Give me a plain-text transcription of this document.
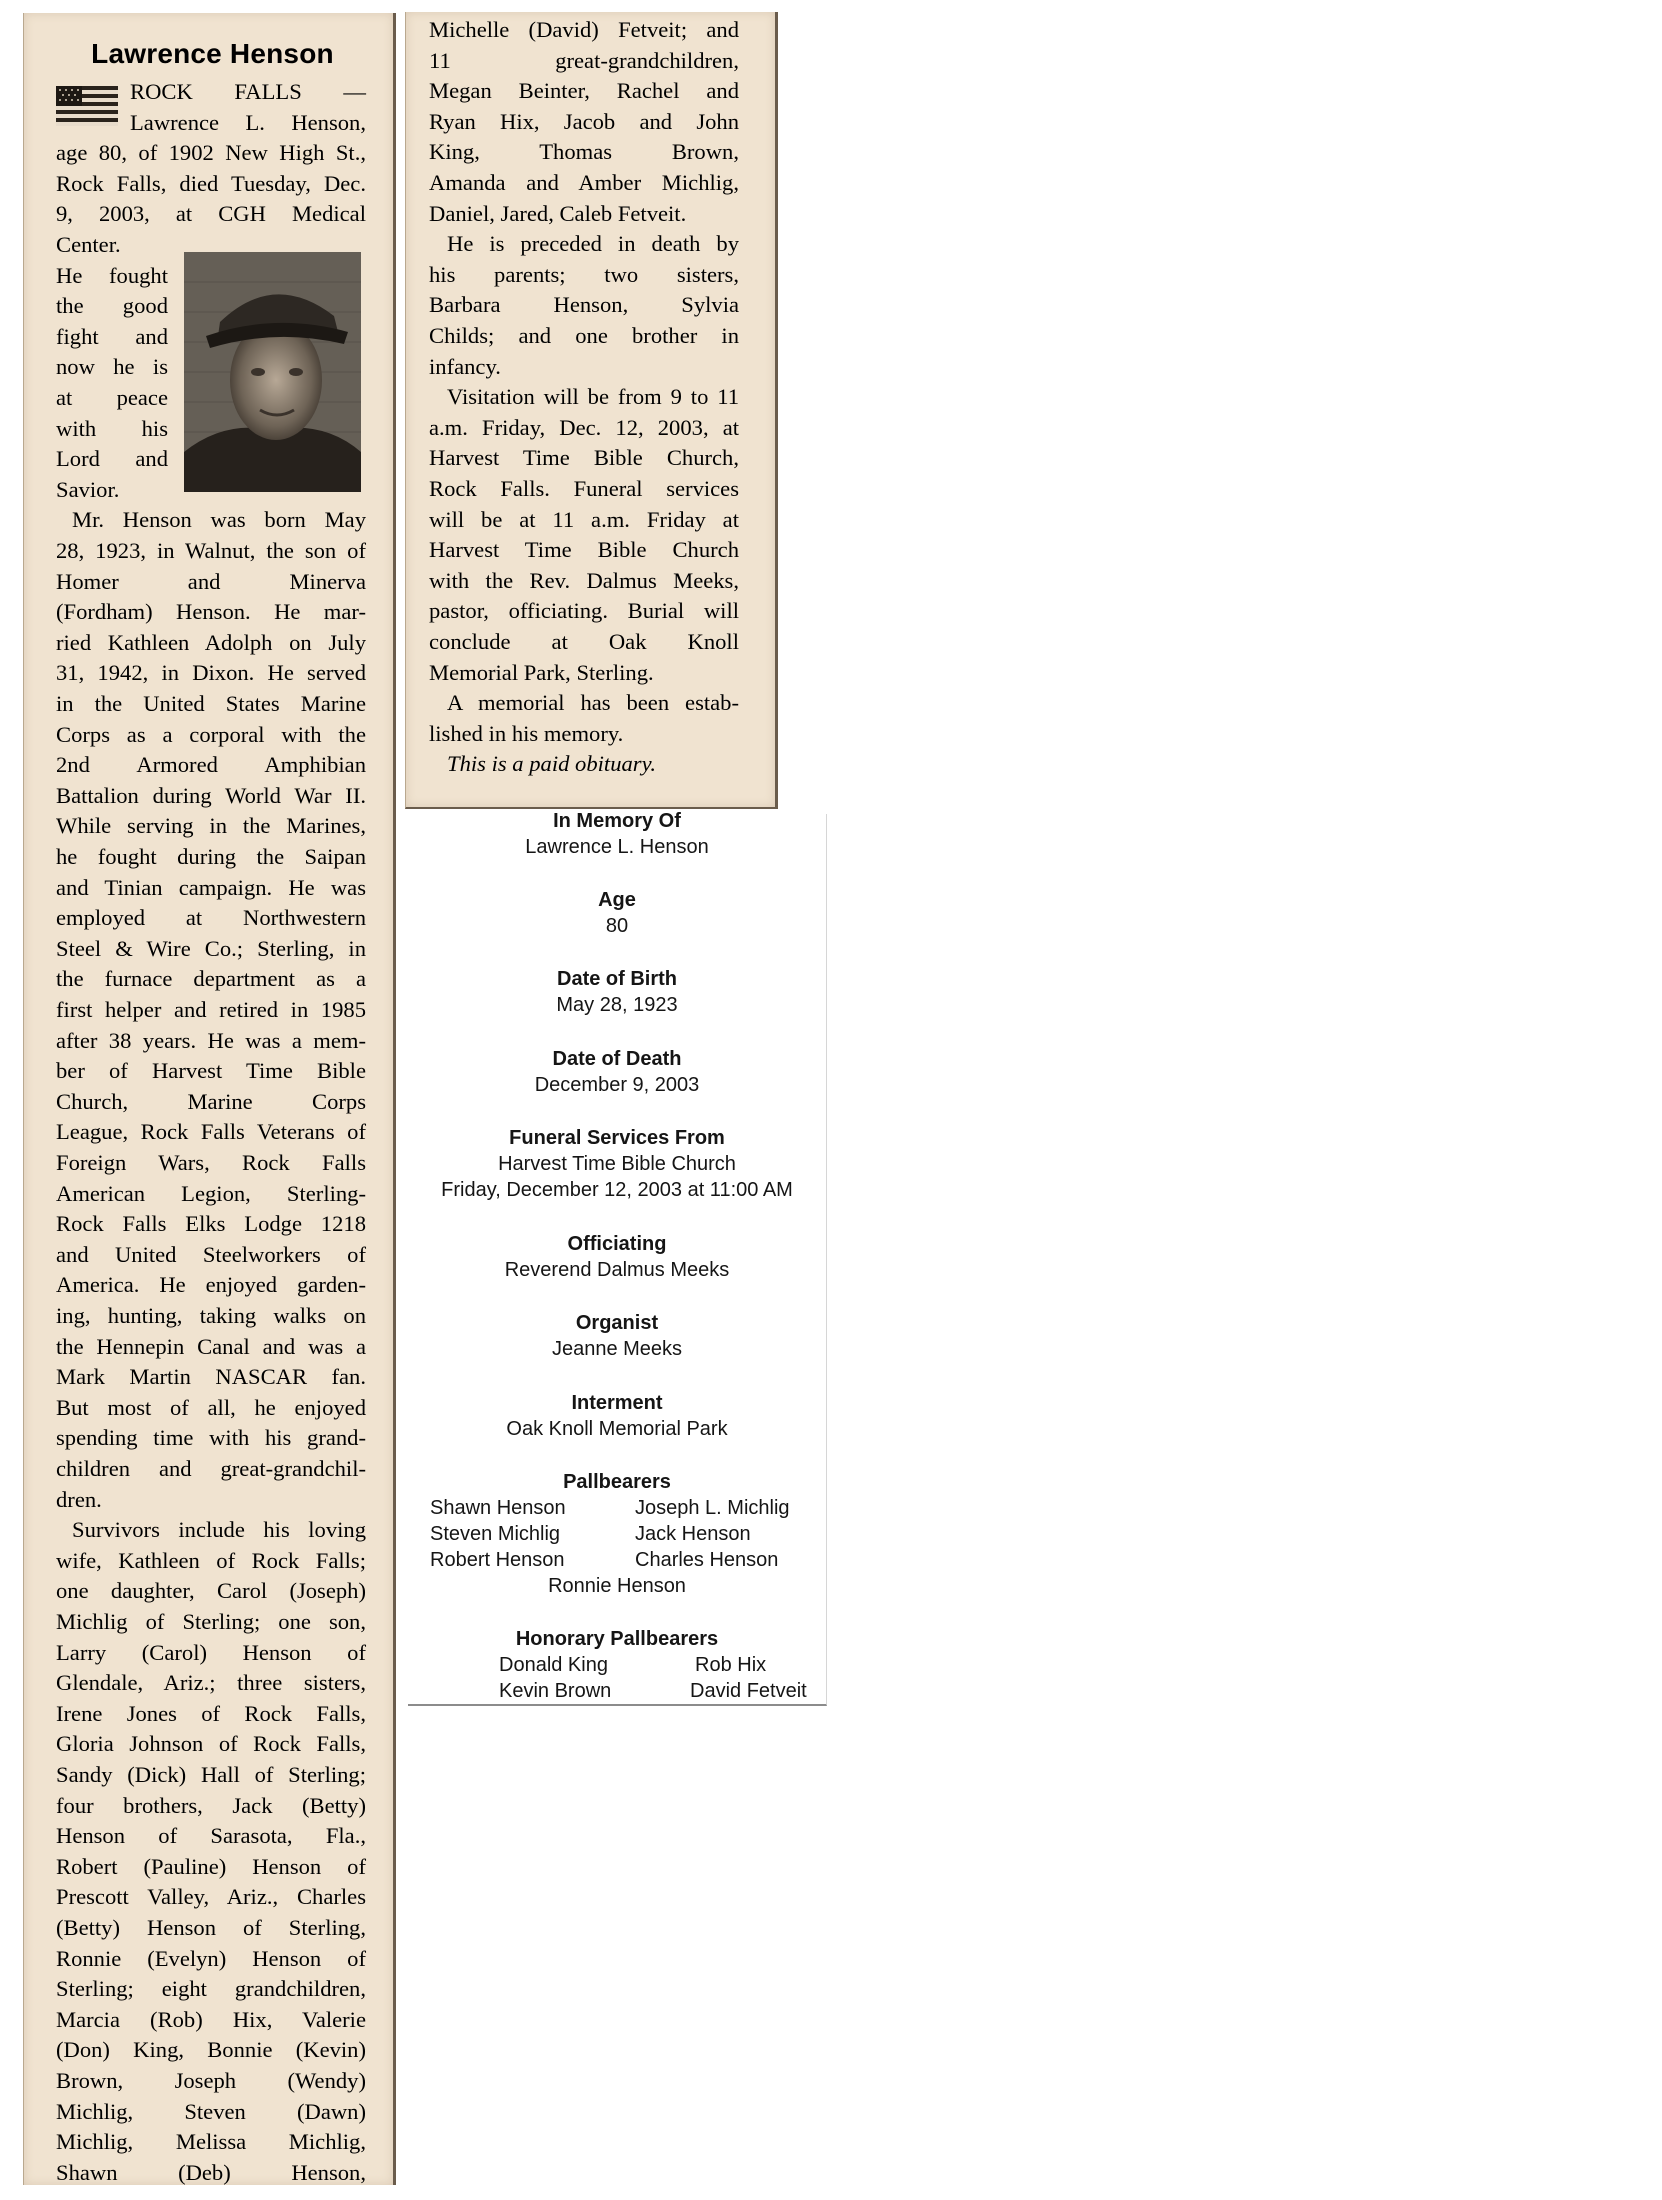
Lawrence Henson
ROCK FALLS —
Lawrence L. Henson,
age 80, of 1902 New High St.,
Rock Falls, died Tuesday, Dec.
9, 2003, at CGH Medical
Center.
He fought
the good
fight and
now he is
at peace
with his
Lord and
Savior.
Mr. Henson was born May
28, 1923, in Walnut, the son of
Homer and Minerva
(Fordham) Henson. He mar-
ried Kathleen Adolph on July
31, 1942, in Dixon. He served
in the United States Marine
Corps as a corporal with the
2nd Armored Amphibian
Battalion during World War II.
While serving in the Marines,
he fought during the Saipan
and Tinian campaign. He was
employed at Northwestern
Steel & Wire Co.; Sterling, in
the furnace department as a
first helper and retired in 1985
after 38 years. He was a mem-
ber of Harvest Time Bible
Church, Marine Corps
League, Rock Falls Veterans of
Foreign Wars, Rock Falls
American Legion, Sterling-
Rock Falls Elks Lodge 1218
and United Steelworkers of
America. He enjoyed garden-
ing, hunting, taking walks on
the Hennepin Canal and was a
Mark Martin NASCAR fan.
But most of all, he enjoyed
spending time with his grand-
children and great-grandchil-
dren.
Survivors include his loving
wife, Kathleen of Rock Falls;
one daughter, Carol (Joseph)
Michlig of Sterling; one son,
Larry (Carol) Henson of
Glendale, Ariz.; three sisters,
Irene Jones of Rock Falls,
Gloria Johnson of Rock Falls,
Sandy (Dick) Hall of Sterling;
four brothers, Jack (Betty)
Henson of Sarasota, Fla.,
Robert (Pauline) Henson of
Prescott Valley, Ariz., Charles
(Betty) Henson of Sterling,
Ronnie (Evelyn) Henson of
Sterling; eight grandchildren,
Marcia (Rob) Hix, Valerie
(Don) King, Bonnie (Kevin)
Brown, Joseph (Wendy)
Michlig, Steven (Dawn)
Michlig, Melissa Michlig,
Shawn (Deb) Henson,
Michelle (David) Fetveit; and
11 great-grandchildren,
Megan Beinter, Rachel and
Ryan Hix, Jacob and John
King, Thomas Brown,
Amanda and Amber Michlig,
Daniel, Jared, Caleb Fetveit.
He is preceded in death by
his parents; two sisters,
Barbara Henson, Sylvia
Childs; and one brother in
infancy.
Visitation will be from 9 to 11
a.m. Friday, Dec. 12, 2003, at
Harvest Time Bible Church,
Rock Falls. Funeral services
will be at 11 a.m. Friday at
Harvest Time Bible Church
with the Rev. Dalmus Meeks,
pastor, officiating. Burial will
conclude at Oak Knoll
Memorial Park, Sterling.
A memorial has been estab-
lished in his memory.
This is a paid obituary.
In Memory Of
Lawrence L. Henson
Age
80
Date of Birth
May 28, 1923
Date of Death
December 9, 2003
Funeral Services From
Harvest Time Bible Church
Friday, December 12, 2003 at 11:00 AM
Officiating
Reverend Dalmus Meeks
Organist
Jeanne Meeks
Interment
Oak Knoll Memorial Park
Pallbearers
Shawn Henson	Joseph L. Michlig
Steven Michlig	Jack Henson
Robert Henson	Charles Henson
Ronnie Henson
Honorary Pallbearers
Donald King	Rob Hix
Kevin Brown	David Fetveit
